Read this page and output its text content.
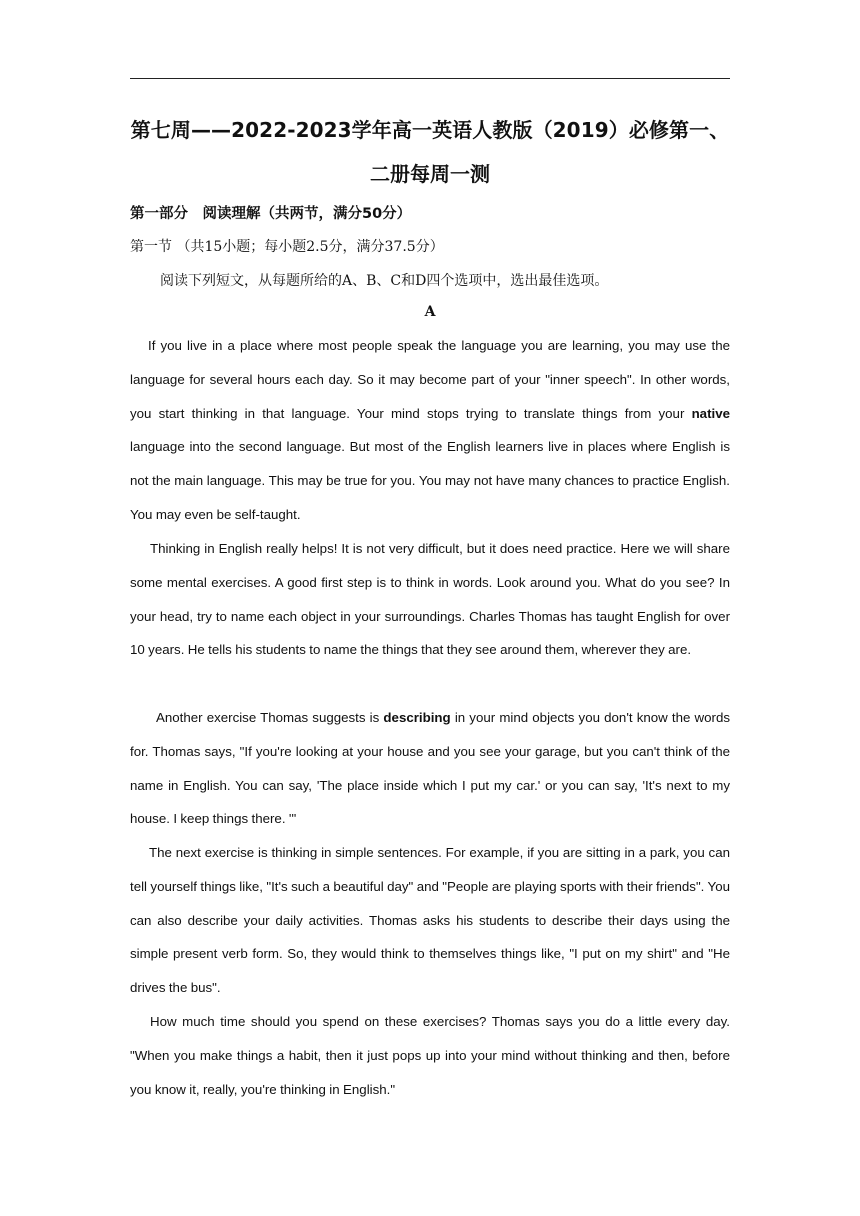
第七周——2022-2023学年高一英语人教版（2019）必修第一、
二册每周一测
第一部分　阅读理解（共两节，满分50分）
第一节 （共15小题；每小题2.5分，满分37.5分）
阅读下列短文，从每题所给的A、B、C和D四个选项中，选出最佳选项。
A

If you live in a place where most people speak the language you are learning, you may use the language for several hours each day. So it may become part of your "inner speech". In other words, you start thinking in that language. Your mind stops trying to translate things from your native language into the second language. But most of the English learners live in places where English is not the main language. This may be true for you. You may not have many chances to practice English. You may even be self-taught.

Thinking in English really helps! It is not very difficult, but it does need practice. Here we will share some mental exercises. A good first step is to think in words. Look around you. What do you see? In your head, try to name each object in your surroundings. Charles Thomas has taught English for over 10 years. He tells his students to name the things that they see around them, wherever they are.

Another exercise Thomas suggests is describing in your mind objects you don't know the words for. Thomas says, "If you're looking at your house and you see your garage, but you can't think of the name in English. You can say, 'The place inside which I put my car.' or you can say, 'It's next to my house. I keep things there. '"

The next exercise is thinking in simple sentences. For example, if you are sitting in a park, you can tell yourself things like, "It's such a beautiful day" and "People are playing sports with their friends". You can also describe your daily activities. Thomas asks his students to describe their days using the simple present verb form. So, they would think to themselves things like, "I put on my shirt" and "He drives the bus".

How much time should you spend on these exercises? Thomas says you do a little every day. "When you make things a habit, then it just pops up into your mind without thinking and then, before you know it, really, you're thinking in English."
